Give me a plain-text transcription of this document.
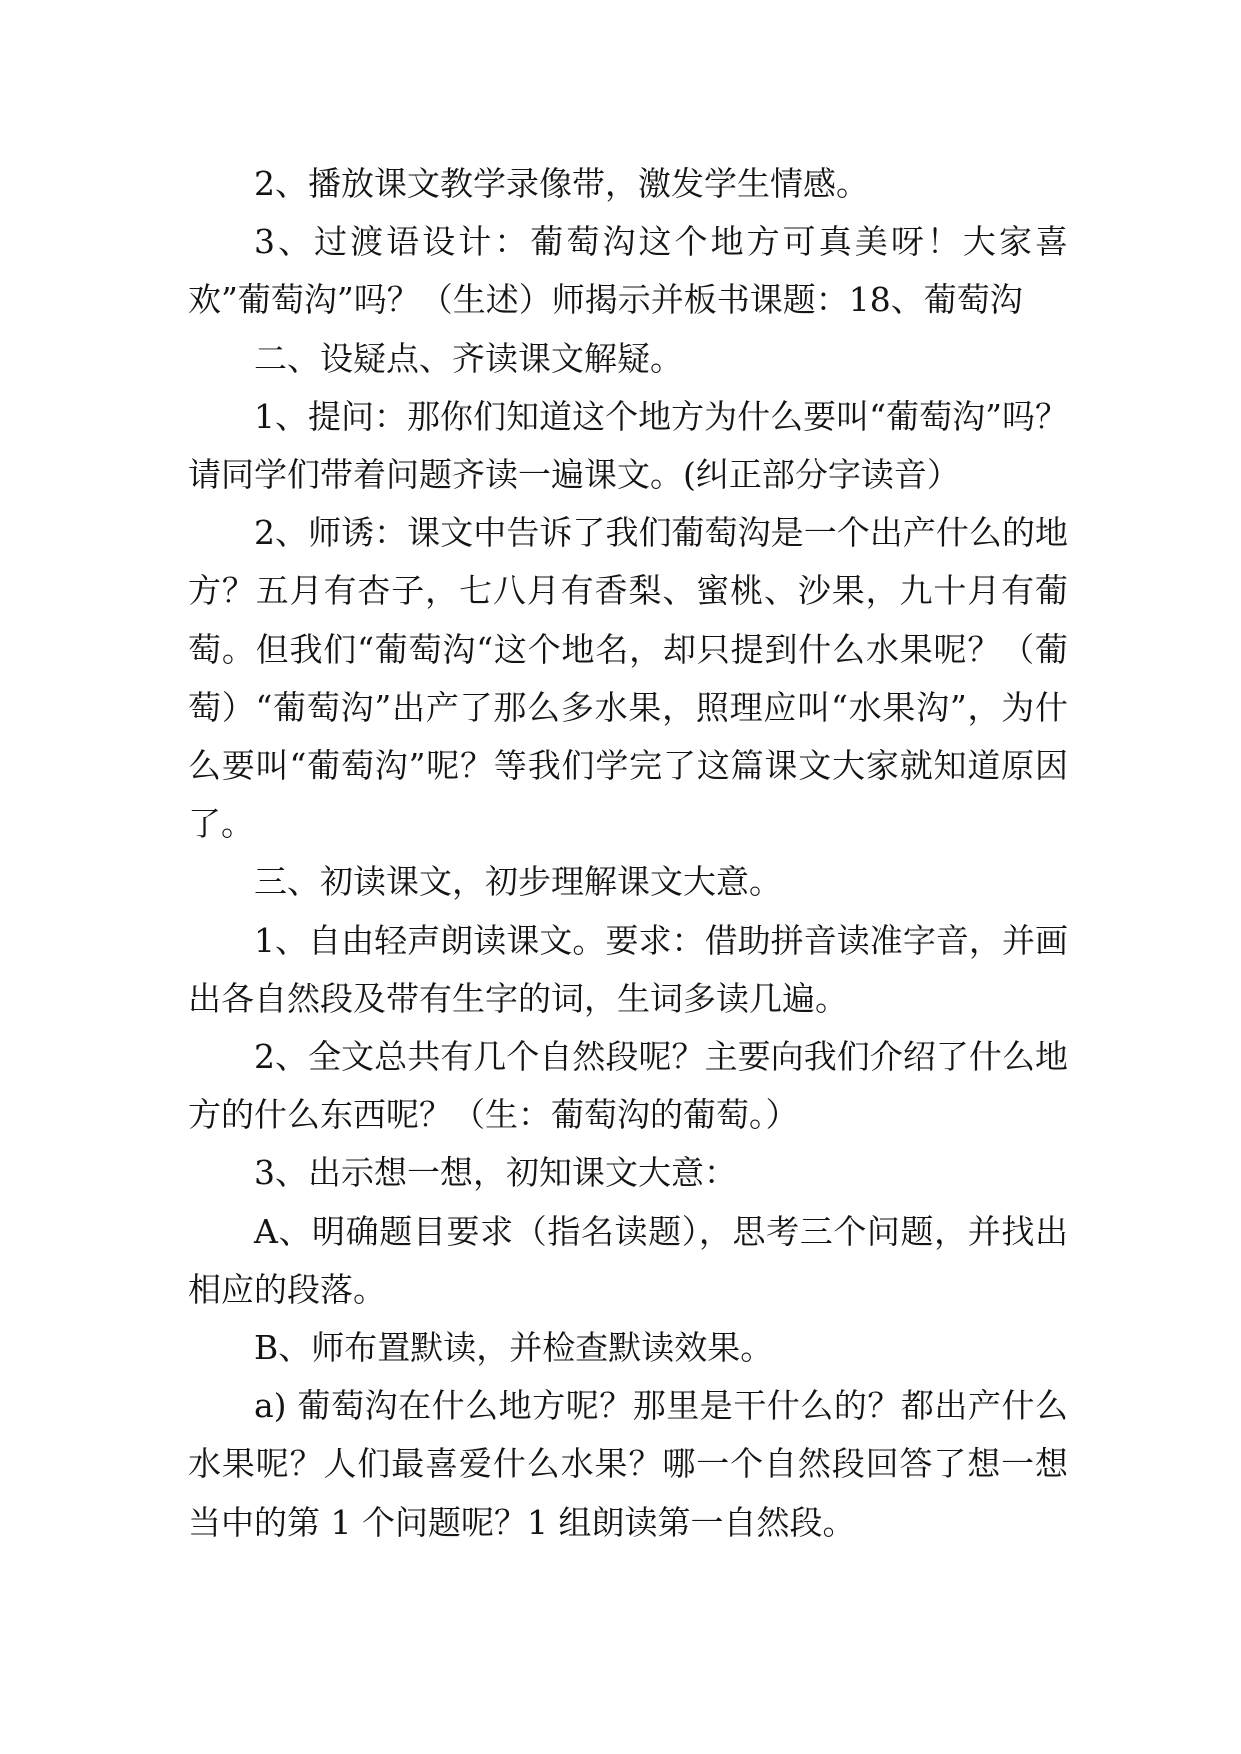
2、播放课文教学录像带，激发学生情感。

3、过渡语设计：葡萄沟这个地方可真美呀！大家喜欢”葡萄沟”吗？（生述）师揭示并板书课题：18、葡萄沟

二、设疑点、齐读课文解疑。

1、提问：那你们知道这个地方为什么要叫“葡萄沟”吗？请同学们带着问题齐读一遍课文。(纠正部分字读音）

2、师诱：课文中告诉了我们葡萄沟是一个出产什么的地方？五月有杏子，七八月有香梨、蜜桃、沙果，九十月有葡萄。但我们“葡萄沟“这个地名，却只提到什么水果呢？（葡萄）“葡萄沟”出产了那么多水果，照理应叫“水果沟”，为什么要叫“葡萄沟”呢？等我们学完了这篇课文大家就知道原因了。

三、初读课文，初步理解课文大意。

1、自由轻声朗读课文。要求：借助拼音读准字音，并画出各自然段及带有生字的词，生词多读几遍。

2、全文总共有几个自然段呢？主要向我们介绍了什么地方的什么东西呢？（生：葡萄沟的葡萄。）

3、出示想一想，初知课文大意：

A、明确题目要求（指名读题），思考三个问题，并找出相应的段落。

B、师布置默读，并检查默读效果。

a) 葡萄沟在什么地方呢？那里是干什么的？都出产什么水果呢？人们最喜爱什么水果？哪一个自然段回答了想一想当中的第 1 个问题呢？1 组朗读第一自然段。
